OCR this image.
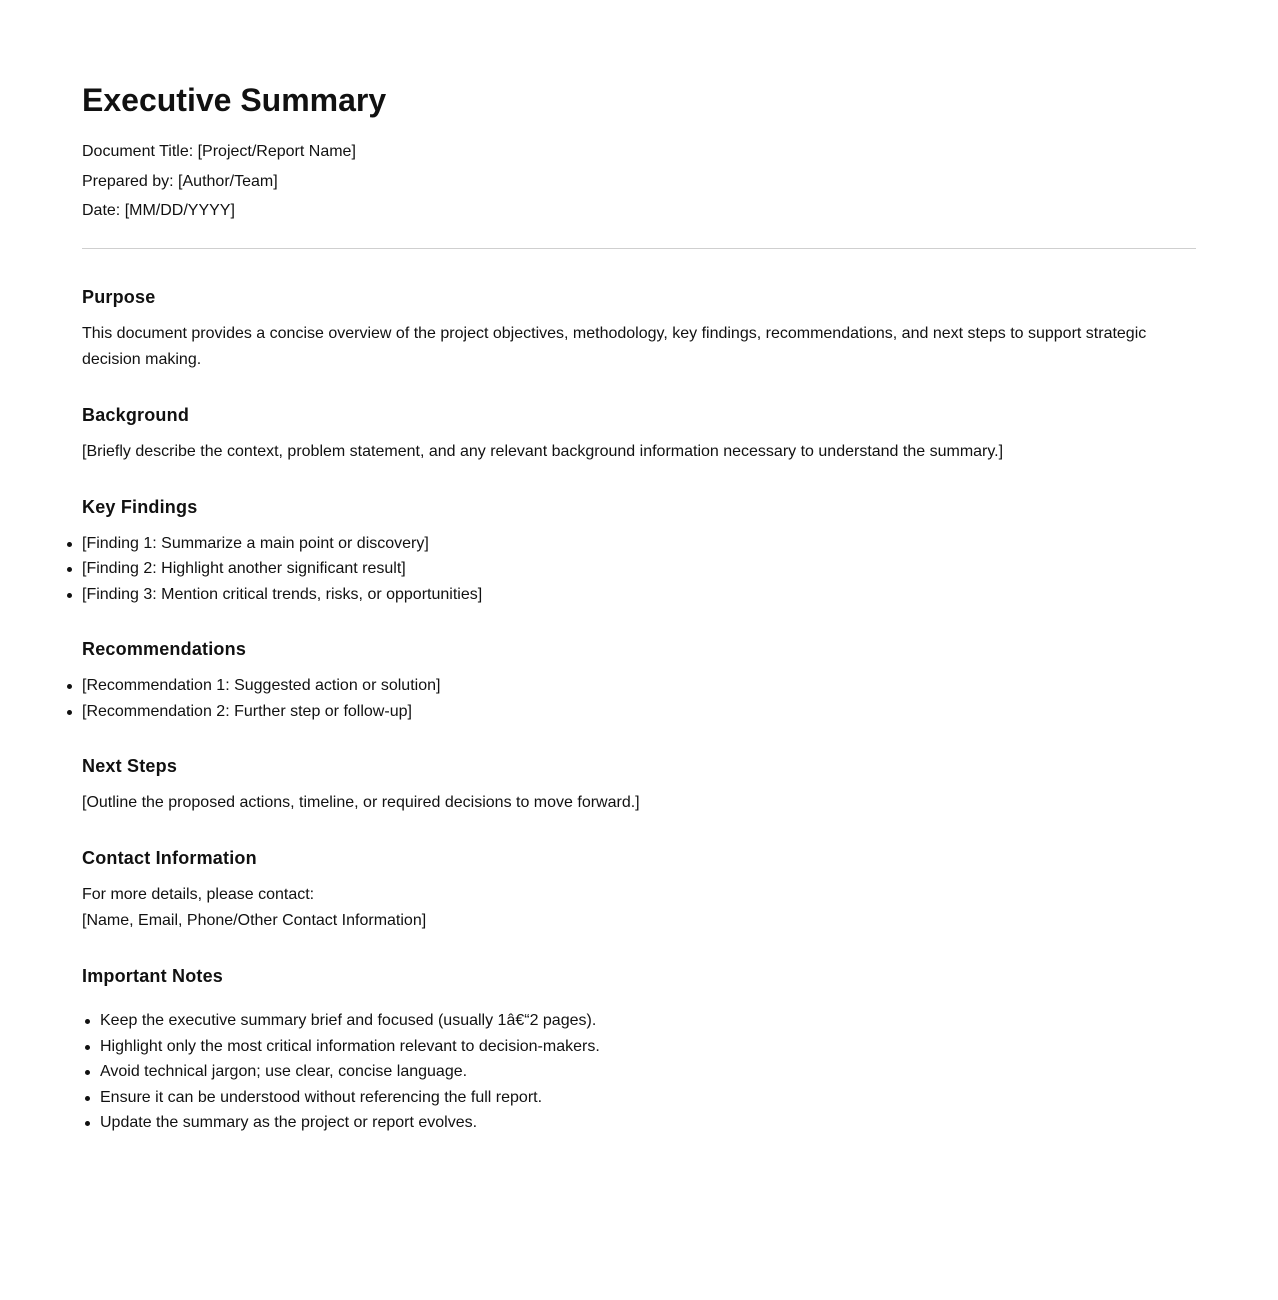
Executive Summary
Document Title: [Project/Report Name]
Prepared by: [Author/Team]
Date: [MM/DD/YYYY]
Purpose

This document provides a concise overview of the project objectives, methodology, key findings, recommendations, and next steps to support strategic decision making.

Background

[Briefly describe the context, problem statement, and any relevant background information necessary to understand the summary.]

Key Findings
[Finding 1: Summarize a main point or discovery]
[Finding 2: Highlight another significant result]
[Finding 3: Mention critical trends, risks, or opportunities]
Recommendations
[Recommendation 1: Suggested action or solution]
[Recommendation 2: Further step or follow-up]
Next Steps

[Outline the proposed actions, timeline, or required decisions to move forward.]

Contact Information

For more details, please contact:

[Name, Email, Phone/Other Contact Information]

Important Notes
Keep the executive summary brief and focused (usually 1â€“2 pages).
Highlight only the most critical information relevant to decision-makers.
Avoid technical jargon; use clear, concise language.
Ensure it can be understood without referencing the full report.
Update the summary as the project or report evolves.
